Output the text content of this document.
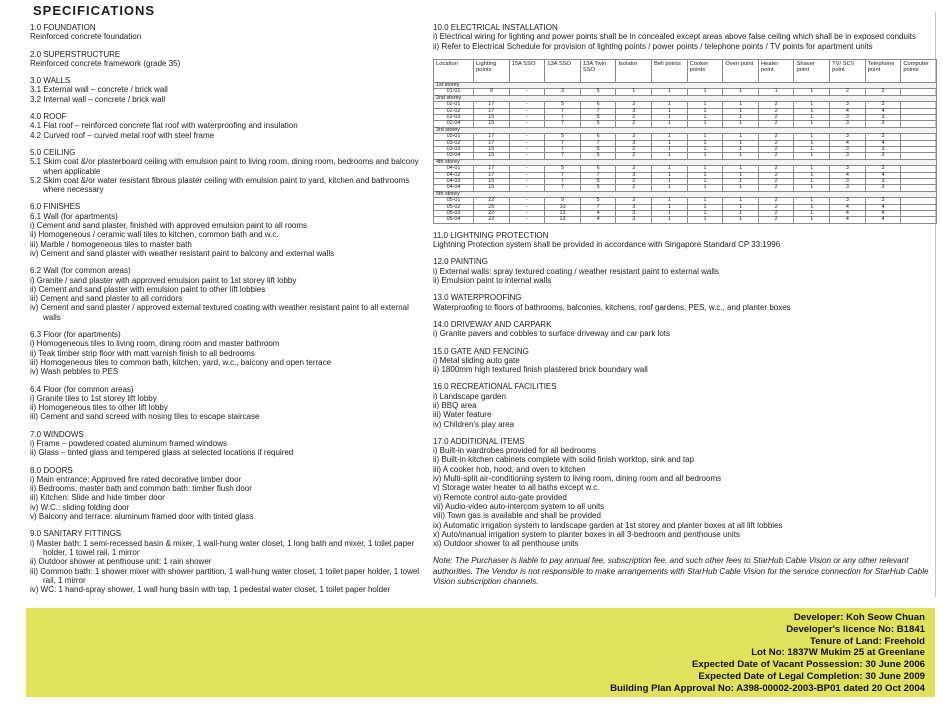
SPECIFICATIONS
1.0 FOUNDATION
Reinforced concrete foundation
2.0 SUPERSTRUCTURE
Reinforced concrete framework (grade 35)
3.0 WALLS
3.1 External wall – concrete / brick wall
3.2 Internal wall – concrete / brick wall
4.0 ROOF
4.1 Flat roof – reinforced concrete flat roof with waterproofing and insulation
4.2 Curved roof – curved metal roof with steel frame
5.0 CEILING
5.1 Skim coat &/or plasterboard ceiling with emulsion paint to living room, dining room, bedrooms and balcony when applicable
5.2 Skim coat &/or water resistant fibrous plaster ceiling with emulsion paint to yard, kitchen and bathrooms where necessary
6.0 FINISHES
6.1 Wall (for apartments)
i) Cement and sand plaster, finished with approved emulsion paint to all rooms
ii) Homogeneous / ceramic wall tiles to kitchen, common bath and w.c.
iii) Marble / homogeneous tiles to master bath
iv) Cement and sand plaster with weather resistant paint to balcony and external walls
6.2 Wall (for common areas)
i) Granite / sand plaster with approved emulsion paint to 1st storey lift lobby
ii) Cement and sand plaster with emulsion paint to other lift lobbies
iii) Cement and sand plaster to all corridors
iv) Cement and sand plaster / approved external textured coating with weather resistant paint to all external walls
6.3 Floor (for apartments)
i) Homogeneous tiles to living room, dining room and master bathroom
ii) Teak timber strip floor with matt varnish finish to all bedrooms
iii) Homogeneous tiles to common bath, kitchen, yard, w.c., balcony and open terrace
iv) Wash pebbles to PES
6.4 Floor (for common areas)
i) Granite tiles to 1st storey lift lobby
ii) Homogeneous tiles to other lift lobby
iii) Cement and sand screed with nosing tiles to escape staircase
7.0 WINDOWS
i) Frame – powdered coated aluminum framed windows
ii) Glass – tinted glass and tempered glass at selected locations if required
8.0 DOORS
i) Main entrance: Approved fire rated decorative timber door
ii) Bedrooms, master bath and common bath: timber flush door
iii) Kitchen: Slide and hide timber door
iv) W.C.: sliding folding door
v) Balcony and terrace: aluminum framed door with tinted glass
9.0 SANITARY FITTINGS
i) Master bath: 1 semi-recessed basin & mixer, 1 wall-hung water closet, 1 long bath and mixer, 1 toilet paper holder, 1 towel rail, 1 mirror
ii) Outdoor shower at penthouse unit: 1 rain shower
iii) Common bath: 1 shower mixer with shower partition, 1 wall-hung water closet, 1 toilet paper holder, 1 towel rail, 1 mirror
iv) WC: 1 hand-spray shower, 1 wall hung basin with tap, 1 pedestal water closet, 1 toilet paper holder
10.0 ELECTRICAL INSTALLATION
i) Electrical wiring for lighting and power points shall be in concealed except areas above false ceiling which shall be in exposed conduits
ii) Refer to Electrical Schedule for provision of lighting points / power points / telephone points / TV points for apartment units
Location	Lighting points	15A SSO	13A SSO	13A Twin SSO	Isolator	Bell points	Cooker points	Oven point	Heater point	Shaver point	TV/ SCV point	Telephone point	Computer points
1st storey													
01-01	9	-	3	5	1	1	1	1	1	1	2	2	
2nd storey													
02-01	17	-	5	6	2	1	1	1	2	1	3	3	
02-02	17	-	7	7	3	1	1	1	2	1	4	4	
02-03	15	-	7	5	2	1	1	1	2	1	3	3	
02-04	15	-	7	5	2	1	1	1	2	1	3	3	
3rd storey													
03-01	17	-	5	6	2	1	1	1	2	1	3	3	
03-02	17	-	7	7	3	1	1	1	2	1	4	4	
03-03	15	-	7	5	2	1	1	1	2	1	3	3	
03-04	15	-	7	5	2	1	1	1	2	1	3	3	
4th storey													
04-01	17	-	5	6	2	1	1	1	2	1	3	3	
04-02	17	-	7	7	3	1	1	1	2	1	4	4	
04-03	15	-	7	5	2	1	1	1	2	1	3	3	
04-04	15	-	7	5	2	1	1	1	2	1	3	3	
5th storey													
05-01	22	-	9	5	2	1	1	1	2	1	3	3	
05-02	25	-	10	7	3	1	1	1	2	1	4	4	
05-03	22	-	13	4	3	1	1	1	2	1	4	4	
05-04	22	-	13	4	3	1	1	1	2	1	4	4	
11.0 LIGHTNING PROTECTION
Lightning Protection system shall be provided in accordance with Singapore Standard CP 33:1996
12.0 PAINTING
i) External walls: spray textured coating / weather resistant paint to external walls
ii) Emulsion paint to internal walls
13.0 WATERPROOFING
Waterproofing to floors of bathrooms, balconies, kitchens, roof gardens, PES, w.c., and planter boxes
14.0 DRIVEWAY AND CARPARK
i) Granite pavers and cobbles to surface driveway and car park lots
15.0 GATE AND FENCING
i) Metal sliding auto gate
ii) 1800mm high textured finish plastered brick boundary wall
16.0 RECREATIONAL FACILITIES
i) Landscape garden
ii) BBQ area
iii) Water feature
iv) Children's play area
17.0 ADDITIONAL ITEMS
i) Built-in wardrobes provided for all bedrooms
ii) Built-in kitchen cabinets complete with solid finish worktop, sink and tap
iii) A cooker hob, hood, and oven to kitchen
iv) Multi-split air-conditioning system to living room, dining room and all bedrooms
v) Storage water heater to all baths except w.c.
vi) Remote control auto-gate provided
vii) Audio-video auto-intercom system to all units
viii) Town gas is available and shall be provided
ix) Automatic irrigation system to landscape garden at 1st storey and planter boxes at all lift lobbies
x) Auto/manual irrigation system to planter boxes in all 3-bedroom and penthouse units
xi) Outdoor shower to all penthouse units

Note: The Purchaser is liable to pay annual fee, subscription fee, and such other fees to StarHub Cable Vision or any other relevant authorities. The Vendor is not responsible to make arrangements with StarHub Cable Vision for the service connection for StarHub Cable Vision subscription channels.

Developer: Koh Seow Chuan
Developer's licence No: B1841
Tenure of Land: Freehold
Lot No: 1837W Mukim 25 at Greenlane
Expected Date of Vacant Possession: 30 June 2006
Expected Date of Legal Completion: 30 June 2009
Building Plan Approval No: A398-00002-2003-BP01 dated 20 Oct 2004
